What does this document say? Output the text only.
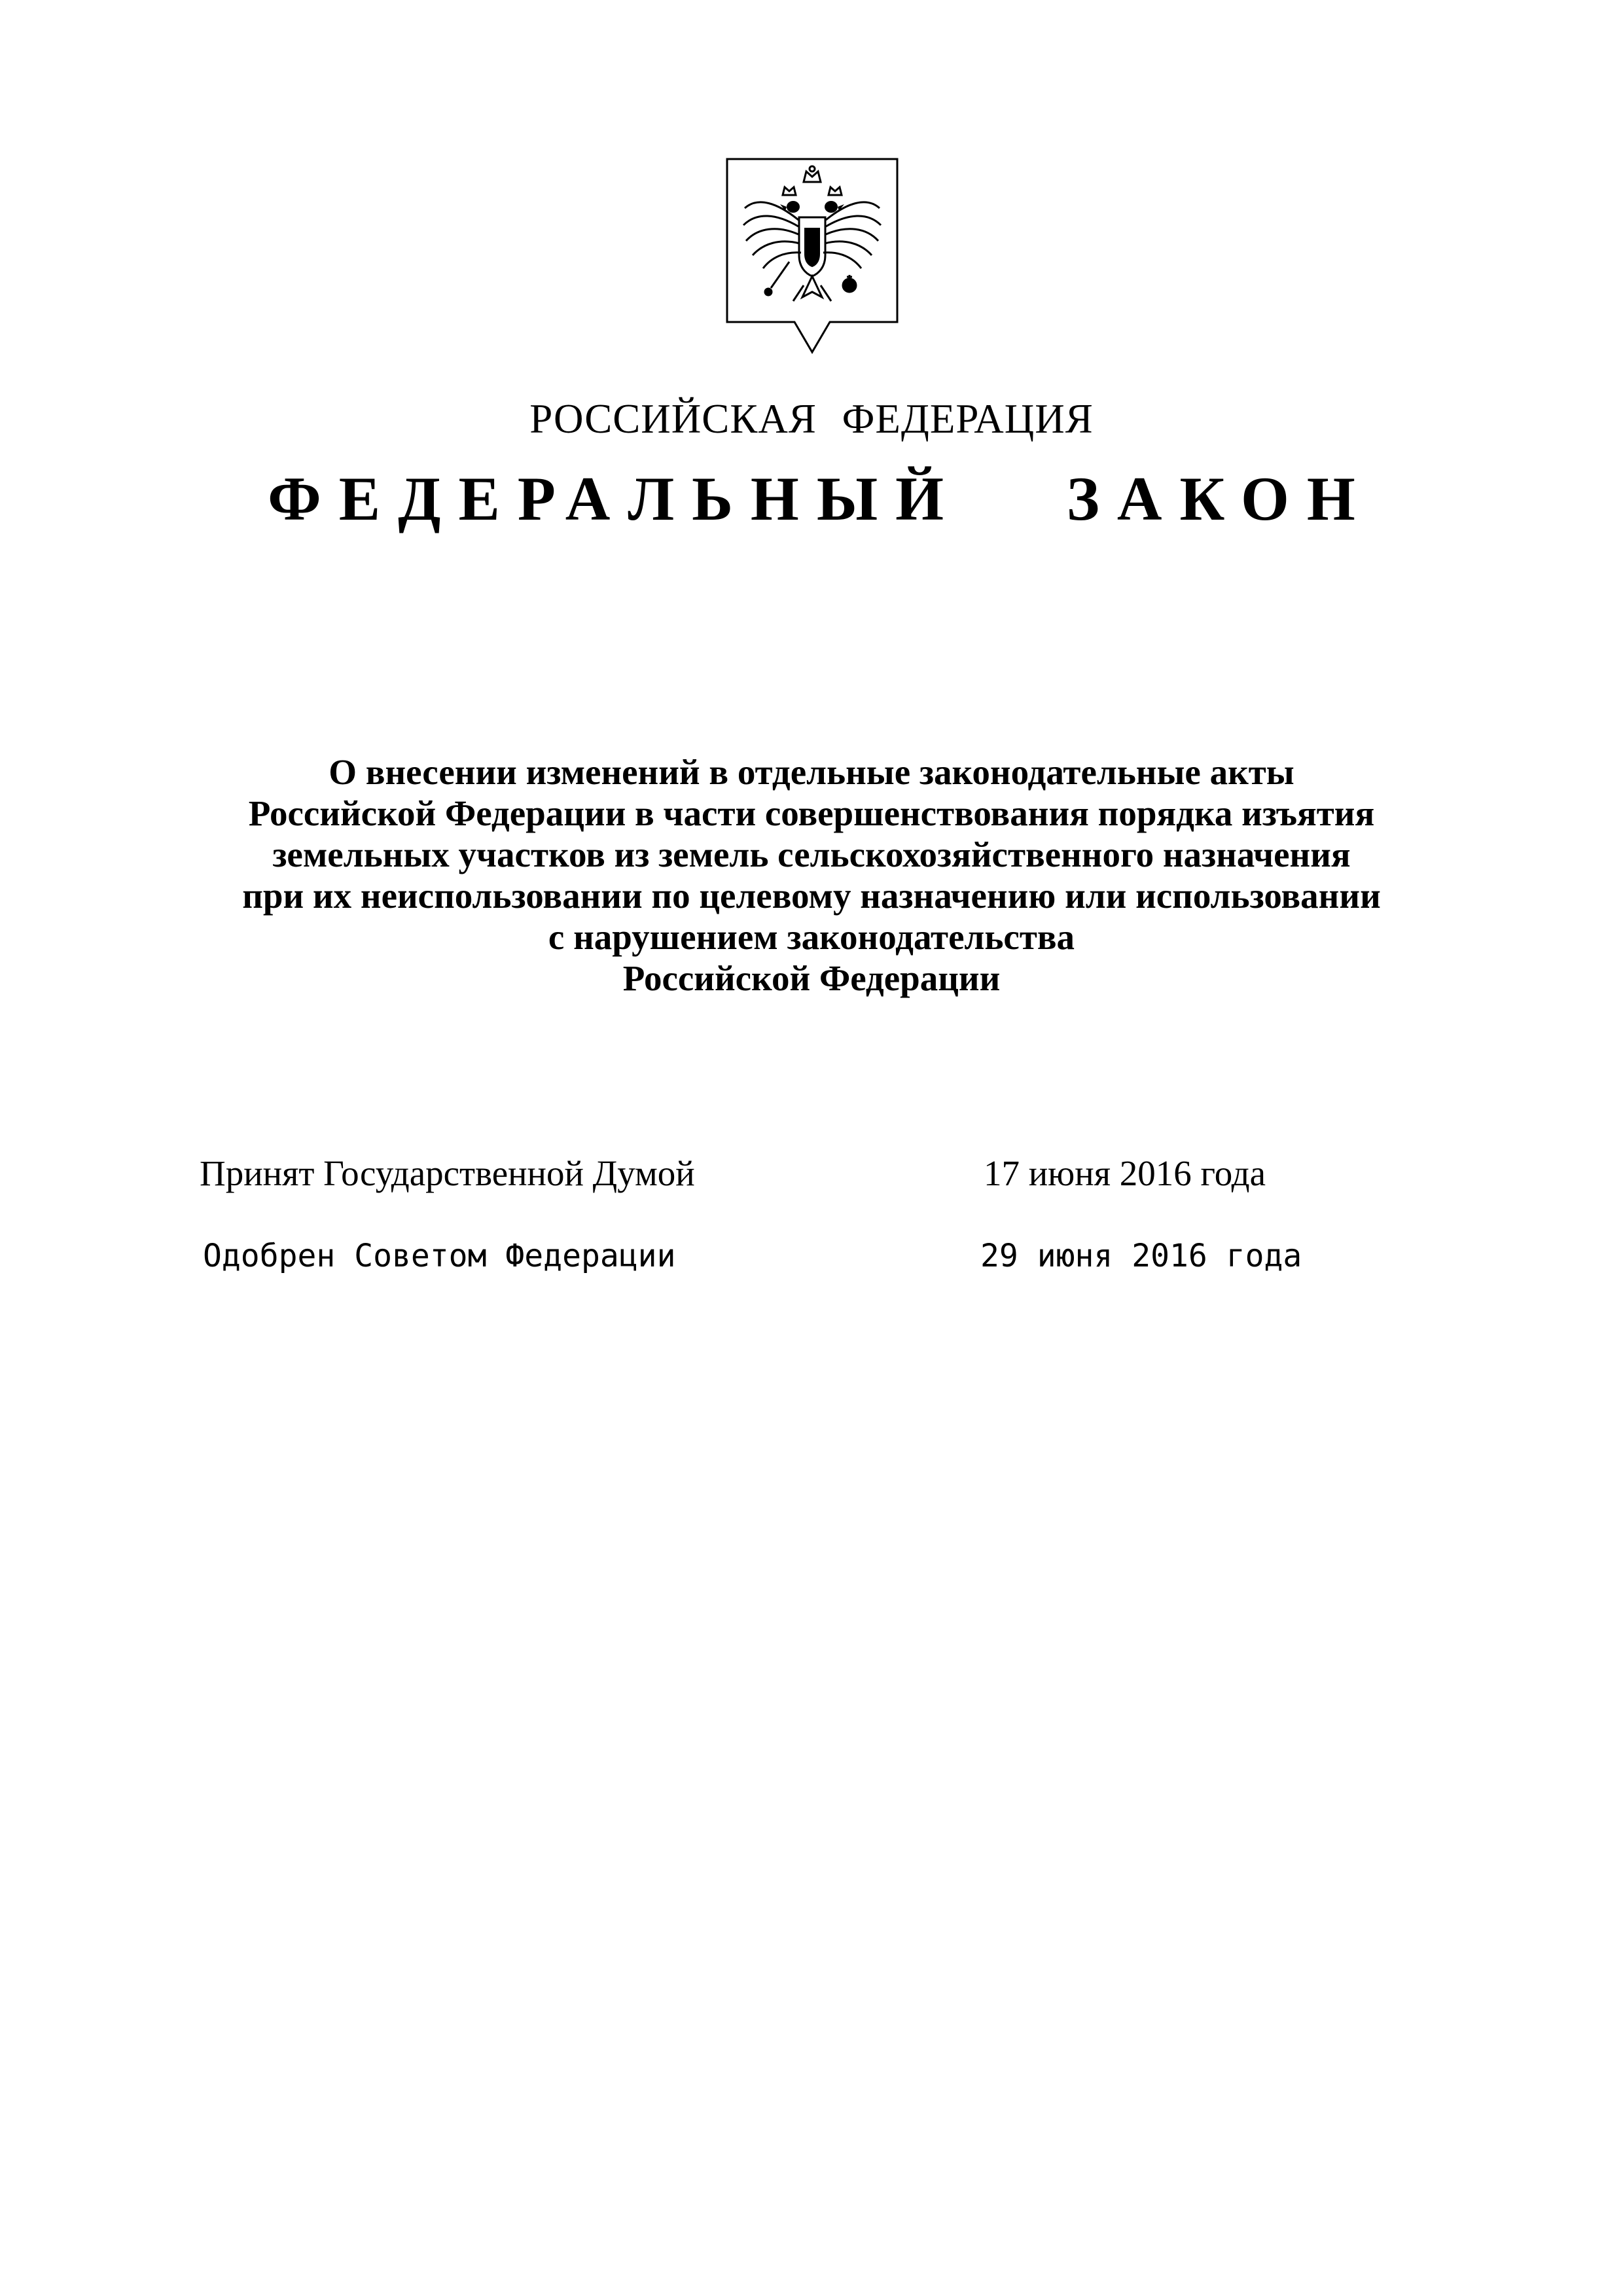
РОССИЙСКАЯ ФЕДЕРАЦИЯ
ФЕДЕРАЛЬНЫЙ ЗАКОН
О внесении изменений в отдельные законодательные акты
Российской Федерации в части совершенствования порядка изъятия
земельных участков из земель сельскохозяйственного назначения
при их неиспользовании по целевому назначению или использовании
с нарушением законодательства
Российской Федерации
Принят Государственной Думой	17 июня 2016 года
Одобрен Советом Федерации	29 июня 2016 года
